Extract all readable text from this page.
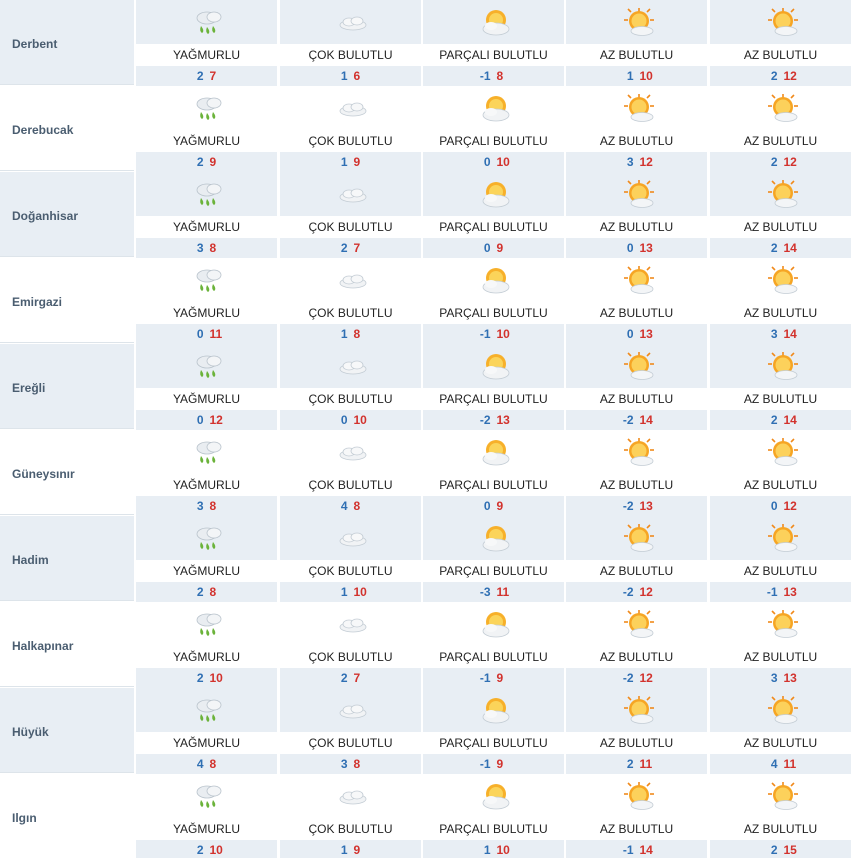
Derbent
YAĞMURLU
2 7
ÇOK BULUTLU
1 6
PARÇALI BULUTLU
-1 8
AZ BULUTLU
1 10
AZ BULUTLU
2 12
Derebucak
YAĞMURLU
2 9
ÇOK BULUTLU
1 9
PARÇALI BULUTLU
0 10
AZ BULUTLU
3 12
AZ BULUTLU
2 12
Doğanhisar
YAĞMURLU
3 8
ÇOK BULUTLU
2 7
PARÇALI BULUTLU
0 9
AZ BULUTLU
0 13
AZ BULUTLU
2 14
Emirgazi
YAĞMURLU
0 11
ÇOK BULUTLU
1 8
PARÇALI BULUTLU
-1 10
AZ BULUTLU
0 13
AZ BULUTLU
3 14
Ereğli
YAĞMURLU
0 12
ÇOK BULUTLU
0 10
PARÇALI BULUTLU
-2 13
AZ BULUTLU
-2 14
AZ BULUTLU
2 14
Güneysınır
YAĞMURLU
3 8
ÇOK BULUTLU
4 8
PARÇALI BULUTLU
0 9
AZ BULUTLU
-2 13
AZ BULUTLU
0 12
Hadim
YAĞMURLU
2 8
ÇOK BULUTLU
1 10
PARÇALI BULUTLU
-3 11
AZ BULUTLU
-2 12
AZ BULUTLU
-1 13
Halkapınar
YAĞMURLU
2 10
ÇOK BULUTLU
2 7
PARÇALI BULUTLU
-1 9
AZ BULUTLU
-2 12
AZ BULUTLU
3 13
Hüyük
YAĞMURLU
4 8
ÇOK BULUTLU
3 8
PARÇALI BULUTLU
-1 9
AZ BULUTLU
2 11
AZ BULUTLU
4 11
Ilgın
YAĞMURLU
2 10
ÇOK BULUTLU
1 9
PARÇALI BULUTLU
1 10
AZ BULUTLU
-1 14
AZ BULUTLU
2 15
